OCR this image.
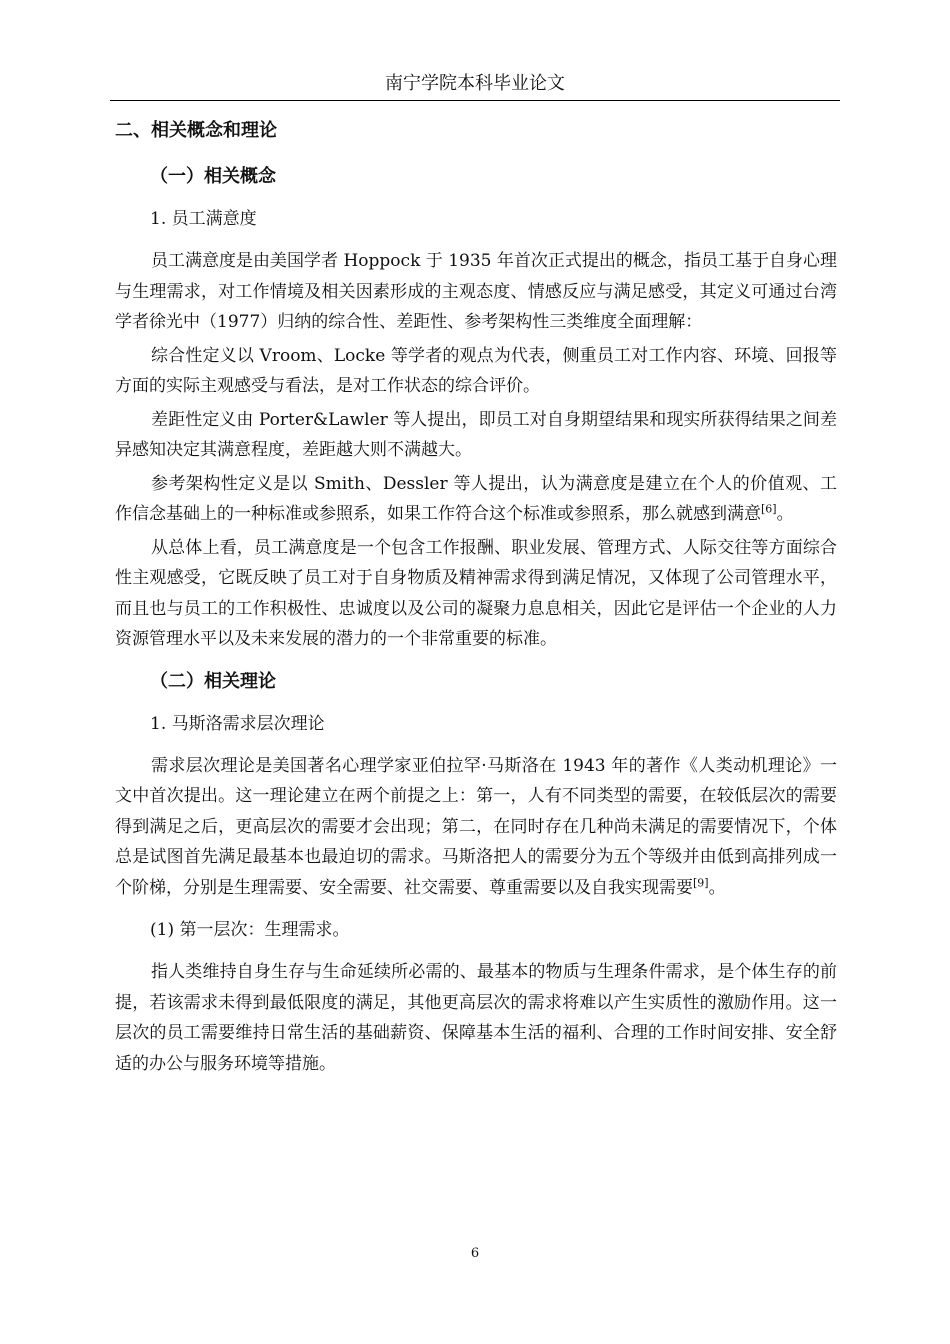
南宁学院本科毕业论文
二、相关概念和理论
（一）相关概念
1. 员工满意度

员工满意度是由美国学者 Hoppock 于 1935 年首次正式提出的概念，指员工基于自身心理与生理需求，对工作情境及相关因素形成的主观态度、情感反应与满足感受，其定义可通过台湾学者徐光中（1977）归纳的综合性、差距性、参考架构性三类维度全面理解：

综合性定义以 Vroom、Locke 等学者的观点为代表，侧重员工对工作内容、环境、回报等方面的实际主观感受与看法，是对工作状态的综合评价。

差距性定义由 Porter&Lawler 等人提出，即员工对自身期望结果和现实所获得结果之间差异感知决定其满意程度，差距越大则不满越大。

参考架构性定义是以 Smith、Dessler 等人提出，认为满意度是建立在个人的价值观、工作信念基础上的一种标准或参照系，如果工作符合这个标准或参照系，那么就感到满意[6]。

从总体上看，员工满意度是一个包含工作报酬、职业发展、管理方式、人际交往等方面综合性主观感受，它既反映了员工对于自身物质及精神需求得到满足情况，又体现了公司管理水平，而且也与员工的工作积极性、忠诚度以及公司的凝聚力息息相关，因此它是评估一个企业的人力资源管理水平以及未来发展的潜力的一个非常重要的标准。

（二）相关理论
1. 马斯洛需求层次理论

需求层次理论是美国著名心理学家亚伯拉罕·马斯洛在 1943 年的著作《人类动机理论》一文中首次提出。这一理论建立在两个前提之上：第一，人有不同类型的需要，在较低层次的需要得到满足之后，更高层次的需要才会出现；第二，在同时存在几种尚未满足的需要情况下，个体总是试图首先满足最基本也最迫切的需求。马斯洛把人的需要分为五个等级并由低到高排列成一个阶梯，分别是生理需要、安全需要、社交需要、尊重需要以及自我实现需要[9]。

(1) 第一层次：生理需求。

指人类维持自身生存与生命延续所必需的、最基本的物质与生理条件需求，是个体生存的前提，若该需求未得到最低限度的满足，其他更高层次的需求将难以产生实质性的激励作用。这一层次的员工需要维持日常生活的基础薪资、保障基本生活的福利、合理的工作时间安排、安全舒适的办公与服务环境等措施。

6
